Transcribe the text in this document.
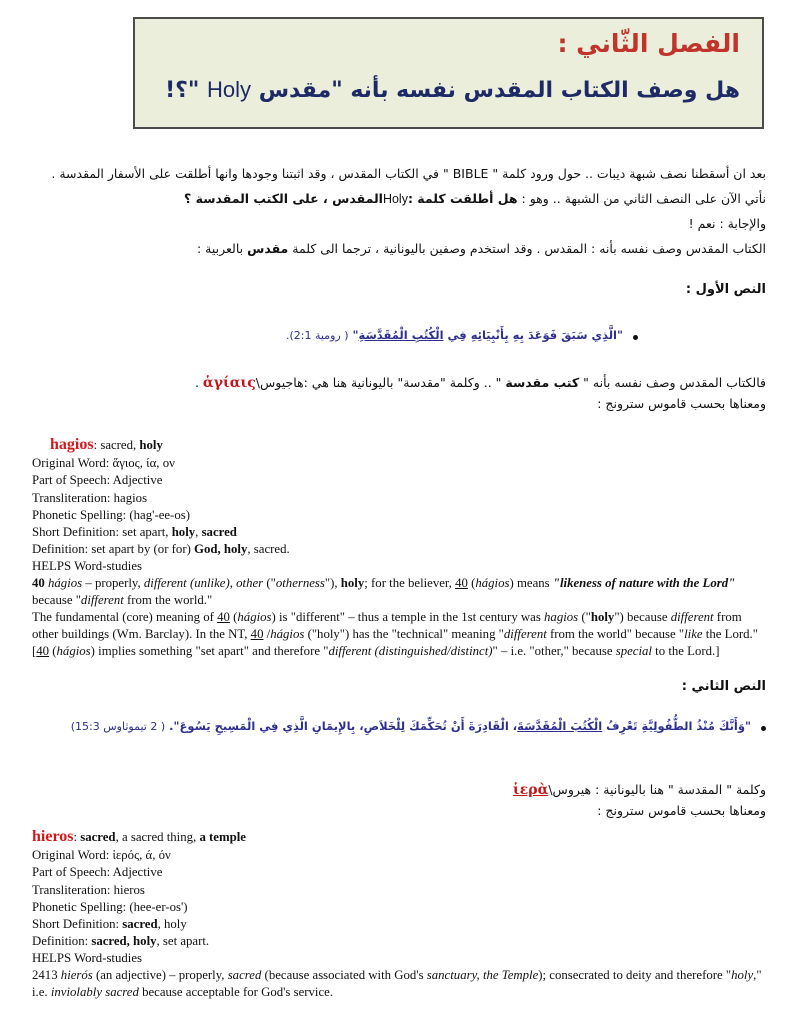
الفصل الثّاني :
هل وصف الكتاب المقدس نفسه بأنه "مقدس Holy "؟!
بعد ان أسقطنا نصف شبهة ديبات .. حول ورود كلمة " BIBLE " في الكتاب المقدس ، وقد اثبتنا وجودها وانها أطلقت على الأسفار المقدسة .
نأتي الآن على النصف الثاني من الشبهة .. وهو : هل أطلقت كلمة :Holyالمقدس ، على الكتب المقدسة ؟
والإجابة : نعم !
الكتاب المقدس وصف نفسه بأنه : المقدس . وقد استخدم وصفين باليونانية ، ترجما الى كلمة مقدس بالعربية :
النص الأول :
"الَّذِي سَبَقَ فَوَعَدَ بِهِ بِأَنْبِيَائِهِ فِي الْكُتُبِ الْمُقَدَّسَةِ" ( رومية 2:1).
فالكتاب المقدس وصف نفسه بأنه " كتب مقدسة " .. وكلمة "مقدسة" باليونانية هنا هي :هاجيوس\ἁγίαις .
ومعناها بحسب قاموس سترونج :
hagios: sacred, holy
Original Word: ἅγιος, ία, ον
Part of Speech: Adjective
Transliteration: hagios
Phonetic Spelling: (hag'-ee-os)
Short Definition: set apart, holy, sacred
Definition: set apart by (or for) God, holy, sacred.
HELPS Word-studies
40 hágios – properly, different (unlike), other ("otherness"), holy; for the believer, 40 (hágios) means "likeness of nature with the Lord" because "different from the world."
The fundamental (core) meaning of 40 (hágios) is "different" – thus a temple in the 1st century was hagios ("holy") because different from other buildings (Wm. Barclay). In the NT, 40 /hágios ("holy") has the "technical" meaning "different from the world" because "like the Lord." [40 (hágios) implies something "set apart" and therefore "different (distinguished/distinct)" – i.e. "other," because special to the Lord.]
النص الثاني :
"وَأَنَّكَ مُنْذُ الطُّفُولِيَّةِ تَعْرِفُ الْكُتُبَ الْمُقَدَّسَةَ، الْقَادِرَةَ أَنْ تُحَكِّمَكَ لِلْخَلاَصِ، بِالإِيمَانِ الَّذِي فِي الْمَسِيحِ يَسُوعَ". ( 2 تيموثاوس 15:3)
وكلمة " المقدسة " هنا باليونانية : هيروس\ἱερὰ
ومعناها بحسب قاموس سترونج :
hieros: sacred, a sacred thing, a temple
Original Word: ἱερός, ά, όν
Part of Speech: Adjective
Transliteration: hieros
Phonetic Spelling: (hee-er-os')
Short Definition: sacred, holy
Definition: sacred, holy, set apart.
HELPS Word-studies
2413 hierós (an adjective) – properly, sacred (because associated with God's sanctuary, the Temple); consecrated to deity and therefore "holy," i.e. inviolably sacred because acceptable for God's service.
